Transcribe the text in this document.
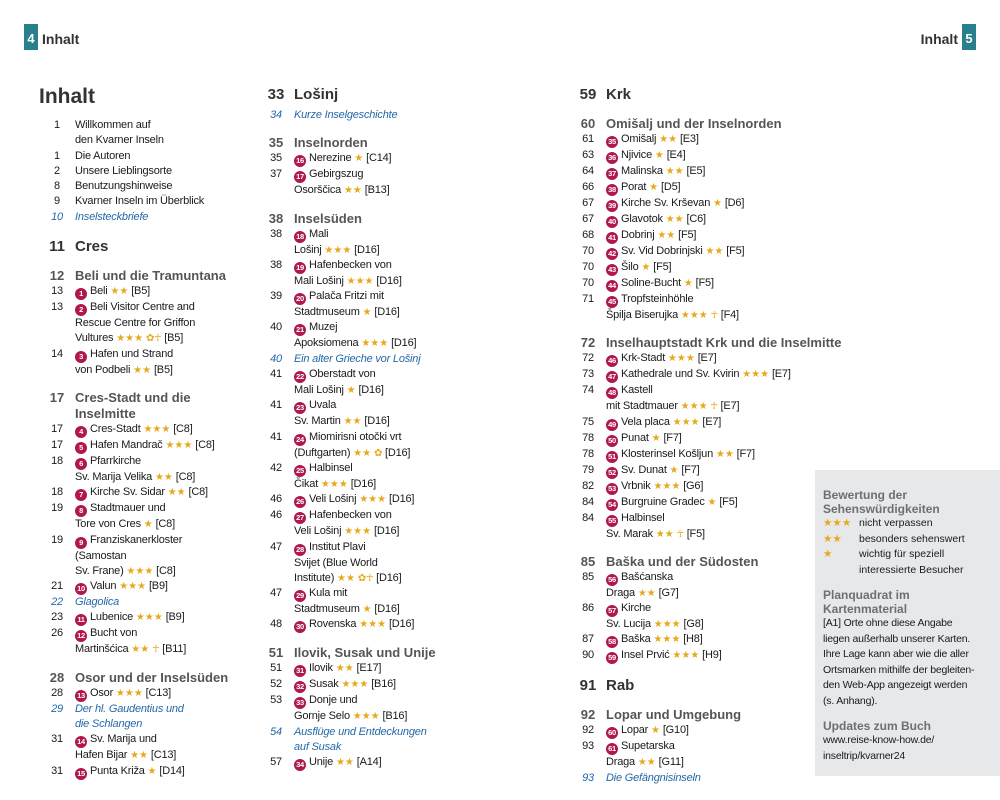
4 Inhalt	Inhalt 5
Inhalt
1	Willkommen auf
den Kvarner Inseln
1	Die Autoren
2	Unsere Lieblingsorte
8	Benutzungshinweise
9	Kvarner Inseln im Überblick
10	Inselsteckbriefe
11 Cres
12 Beli und die Tramuntana
13	1 Beli ★★ [B5]
13	2 Beli Visitor Centre and
Rescue Centre for Griffon
Vultures ★★★ ✿☥ [B5]
14	3 Hafen und Strand
von Podbeli ★★ [B5]
17 Cres-Stadt und die
Inselmitte
17	4 Cres-Stadt ★★★ [C8]
17	5 Hafen Mandrač ★★★ [C8]
18	6 Pfarrkirche
Sv. Marija Velika ★★ [C8]
18	7 Kirche Sv. Sidar ★★ [C8]
19	8 Stadtmauer und
Tore von Cres ★ [C8]
19	9 Franziskanerkloster
(Samostan
Sv. Frane) ★★★ [C8]
21	10 Valun ★★★ [B9]
22	Glagolica
23	11 Lubenice ★★★ [B9]
26	12 Bucht von
Martinšćica ★★ ☥ [B11]
28 Osor und der Inselsüden
28	13 Osor ★★★ [C13]
29	Der hl. Gaudentius und
die Schlangen
31	14 Sv. Marija und
Hafen Bijar ★★ [C13]
31	15 Punta Križa ★ [D14]
33 Lošinj
34	Kurze Inselgeschichte
35 Inselnorden
35	16 Nerezine ★ [C14]
37	17 Gebirgszug
Osorščica ★★ [B13]
38 Inselsüden
38	18 Mali
Lošinj ★★★ [D16]
38	19 Hafenbecken von
Mali Lošinj ★★★ [D16]
39	20 Palača Fritzi mit
Stadtmuseum ★ [D16]
40	21 Muzej
Apoksiomena ★★★ [D16]
40	Ein alter Grieche vor Lošinj
41	22 Oberstadt von
Mali Lošinj ★ [D16]
41	23 Uvala
Sv. Martin ★★ [D16]
41	24 Miomirisni otočki vrt
(Duftgarten) ★★ ✿ [D16]
42	25 Halbinsel
Čikat ★★★ [D16]
46	26 Veli Lošinj ★★★ [D16]
46	27 Hafenbecken von
Veli Lošinj ★★★ [D16]
47	28 Institut Plavi
Svijet (Blue World
Institute) ★★ ✿☥ [D16]
47	29 Kula mit
Stadtmuseum ★ [D16]
48	30 Rovenska ★★★ [D16]
51 Ilovik, Susak und Unije
51	31 Ilovik ★★ [E17]
52	32 Susak ★★★ [B16]
53	33 Donje und
Gornje Selo ★★★ [B16]
54	Ausflüge und Entdeckungen
auf Susak
57	34 Unije ★★ [A14]
59 Krk
60 Omišalj und der Inselnorden
61	35 Omišalj ★★ [E3]
63	36 Njivice ★ [E4]
64	37 Malinska ★★ [E5]
66	38 Porat ★ [D5]
67	39 Kirche Sv. Krševan ★ [D6]
67	40 Glavotok ★★ [C6]
68	41 Dobrinj ★★ [F5]
70	42 Sv. Vid Dobrinjski ★★ [F5]
70	43 Šilo ★ [F5]
70	44 Soline-Bucht ★ [F5]
71	45 Tropfsteinhöhle
Špilja Biserujka ★★★ ☥ [F4]
72 Inselhauptstadt Krk und die Inselmitte
72	46 Krk-Stadt ★★★ [E7]
73	47 Kathedrale und Sv. Kvirin ★★★ [E7]
74	48 Kastell
mit Stadtmauer ★★★ ☥ [E7]
75	49 Vela placa ★★★ [E7]
78	50 Punat ★ [F7]
78	51 Klosterinsel Košljun ★★ [F7]
79	52 Sv. Dunat ★ [F7]
82	53 Vrbnik ★★★ [G6]
84	54 Burgruine Gradec ★ [F5]
84	55 Halbinsel
Sv. Marak ★★ ☥ [F5]
85 Baška und der Südosten
85	56 Bašćanska
Draga ★★ [G7]
86	57 Kirche
Sv. Lucija ★★★ [G8]
87	58 Baška ★★★ [H8]
90	59 Insel Prvić ★★★ [H9]
91 Rab
92 Lopar und Umgebung
92	60 Lopar ★ [G10]
93	61 Supetarska
Draga ★★ [G11]
93	Die Gefängnisinseln
Bewertung der
Sehenswürdigkeiten
★★★ nicht verpassen
★★	besonders sehenswert
★	wichtig für speziell
interessierte Besucher
Planquadrat im Kartenmaterial
[A1] Orte ohne diese Angabe
liegen außerhalb unserer Karten.
Ihre Lage kann aber wie die aller
Ortsmarken mithilfe der begleiten-
den Web-App angezeigt werden
(s. Anhang).
Updates zum Buch
www.reise-know-how.de/
inseltrip/kvarner24
